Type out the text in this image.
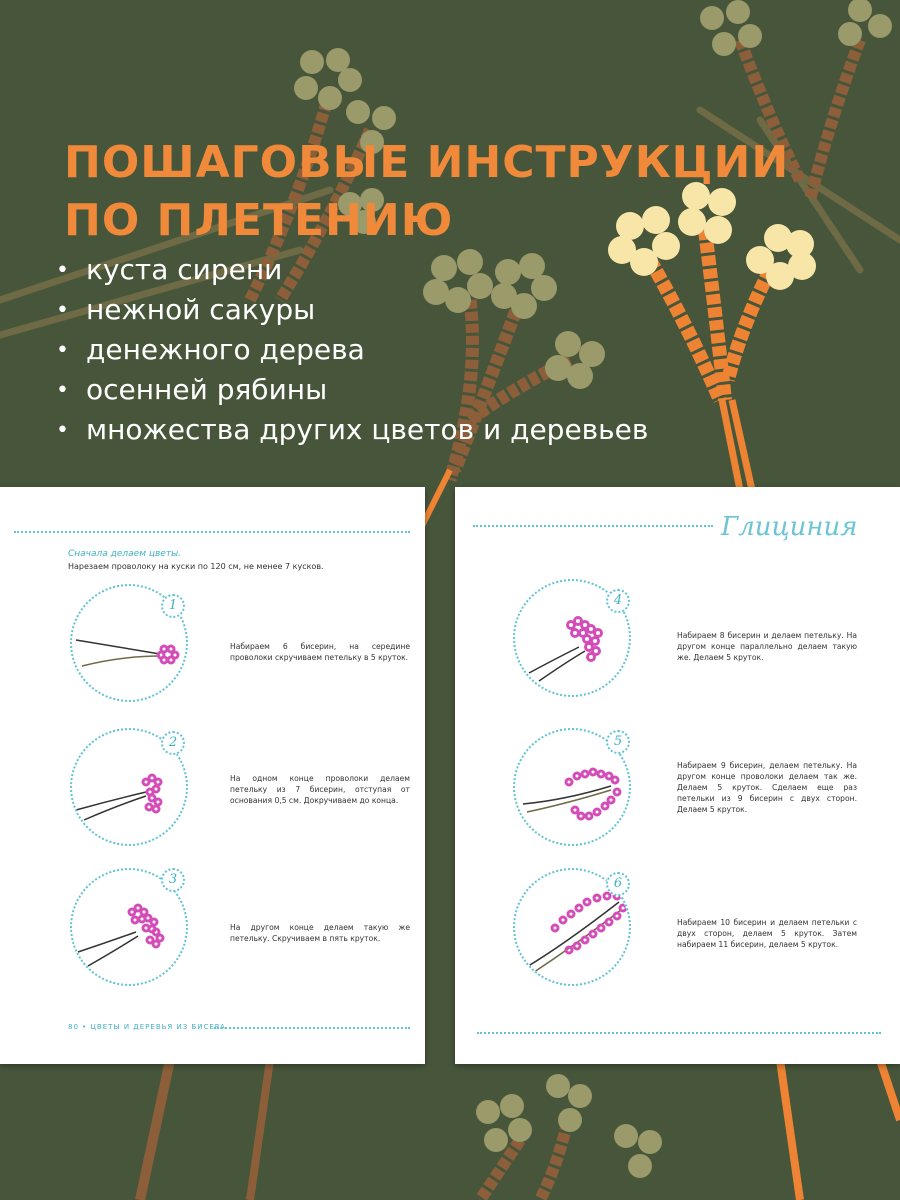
ПОШАГОВЫЕ ИНСТРУКЦИИ
ПО ПЛЕТЕНИЮ
• куста сирени
• нежной сакуры
• денежного дерева
• осенней рябины
• множества других цветов и деревьев

Сначала делаем цветы.

Нарезаем проволоку на куски по 120 см, не менее 7 кусков.

1

Набираем 6 бисерин, на середине проволоки скручиваем петельку в 5 круток.

2

На одном конце проволоки делаем петельку из 7 бисерин, отступая от основания 0,5 см. Докручиваем до конца.

3

На другом конце делаем такую же петельку. Скручиваем в пять круток.

80 • ЦВЕТЫ И ДЕРЕВЬЯ ИЗ БИСЕРА

Глициния
4

Набираем 8 бисерин и делаем петельку. На другом конце параллельно делаем такую же. Делаем 5 круток.

5

Набираем 9 бисерин, делаем петельку. На другом конце проволоки делаем так же. Делаем 5 круток. Сделаем еще раз петельки из 9 бисерин с двух сторон. Делаем 5 круток.

6

Набираем 10 бисерин и делаем петельки с двух сторон, делаем 5 круток. Затем набираем 11 бисерин, делаем 5 круток.
